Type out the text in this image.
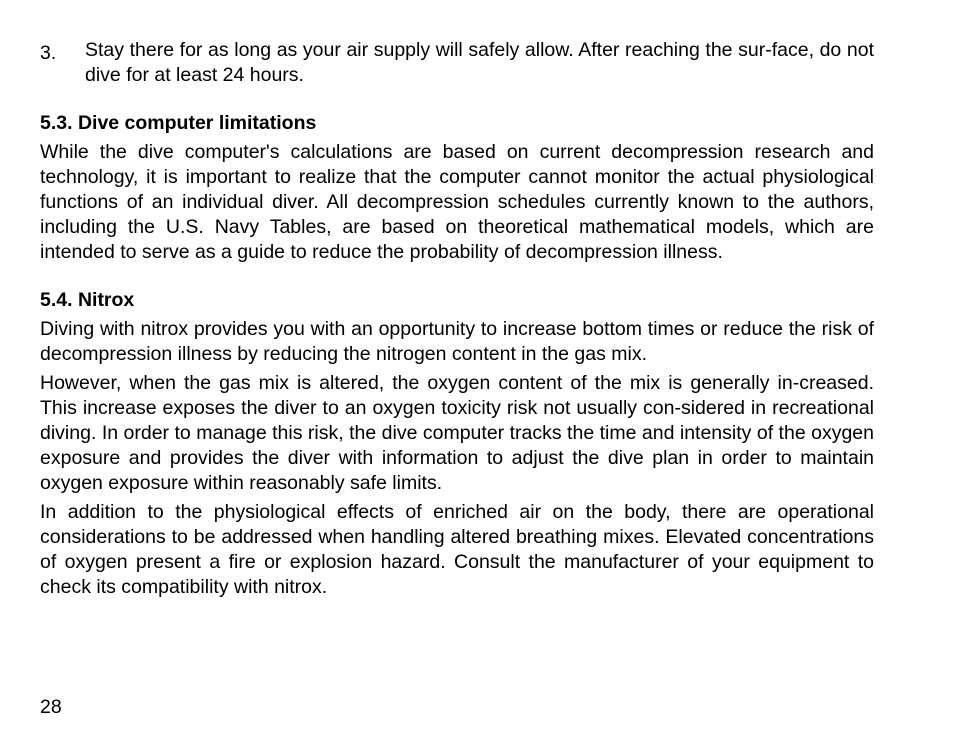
3. Stay there for as long as your air supply will safely allow. After reaching the sur-face, do not dive for at least 24 hours.
5.3. Dive computer limitations

While the dive computer's calculations are based on current decompression research and technology, it is important to realize that the computer cannot monitor the actual physiological functions of an individual diver. All decompression schedules currently known to the authors, including the U.S. Navy Tables, are based on theoretical mathematical models, which are intended to serve as a guide to reduce the probability of decompression illness.

5.4. Nitrox

Diving with nitrox provides you with an opportunity to increase bottom times or reduce the risk of decompression illness by reducing the nitrogen content in the gas mix.

However, when the gas mix is altered, the oxygen content of the mix is generally in-creased. This increase exposes the diver to an oxygen toxicity risk not usually con-sidered in recreational diving. In order to manage this risk, the dive computer tracks the time and intensity of the oxygen exposure and provides the diver with information to adjust the dive plan in order to maintain oxygen exposure within reasonably safe limits.

In addition to the physiological effects of enriched air on the body, there are operational considerations to be addressed when handling altered breathing mixes. Elevated concentrations of oxygen present a fire or explosion hazard. Consult the manufacturer of your equipment to check its compatibility with nitrox.

28
